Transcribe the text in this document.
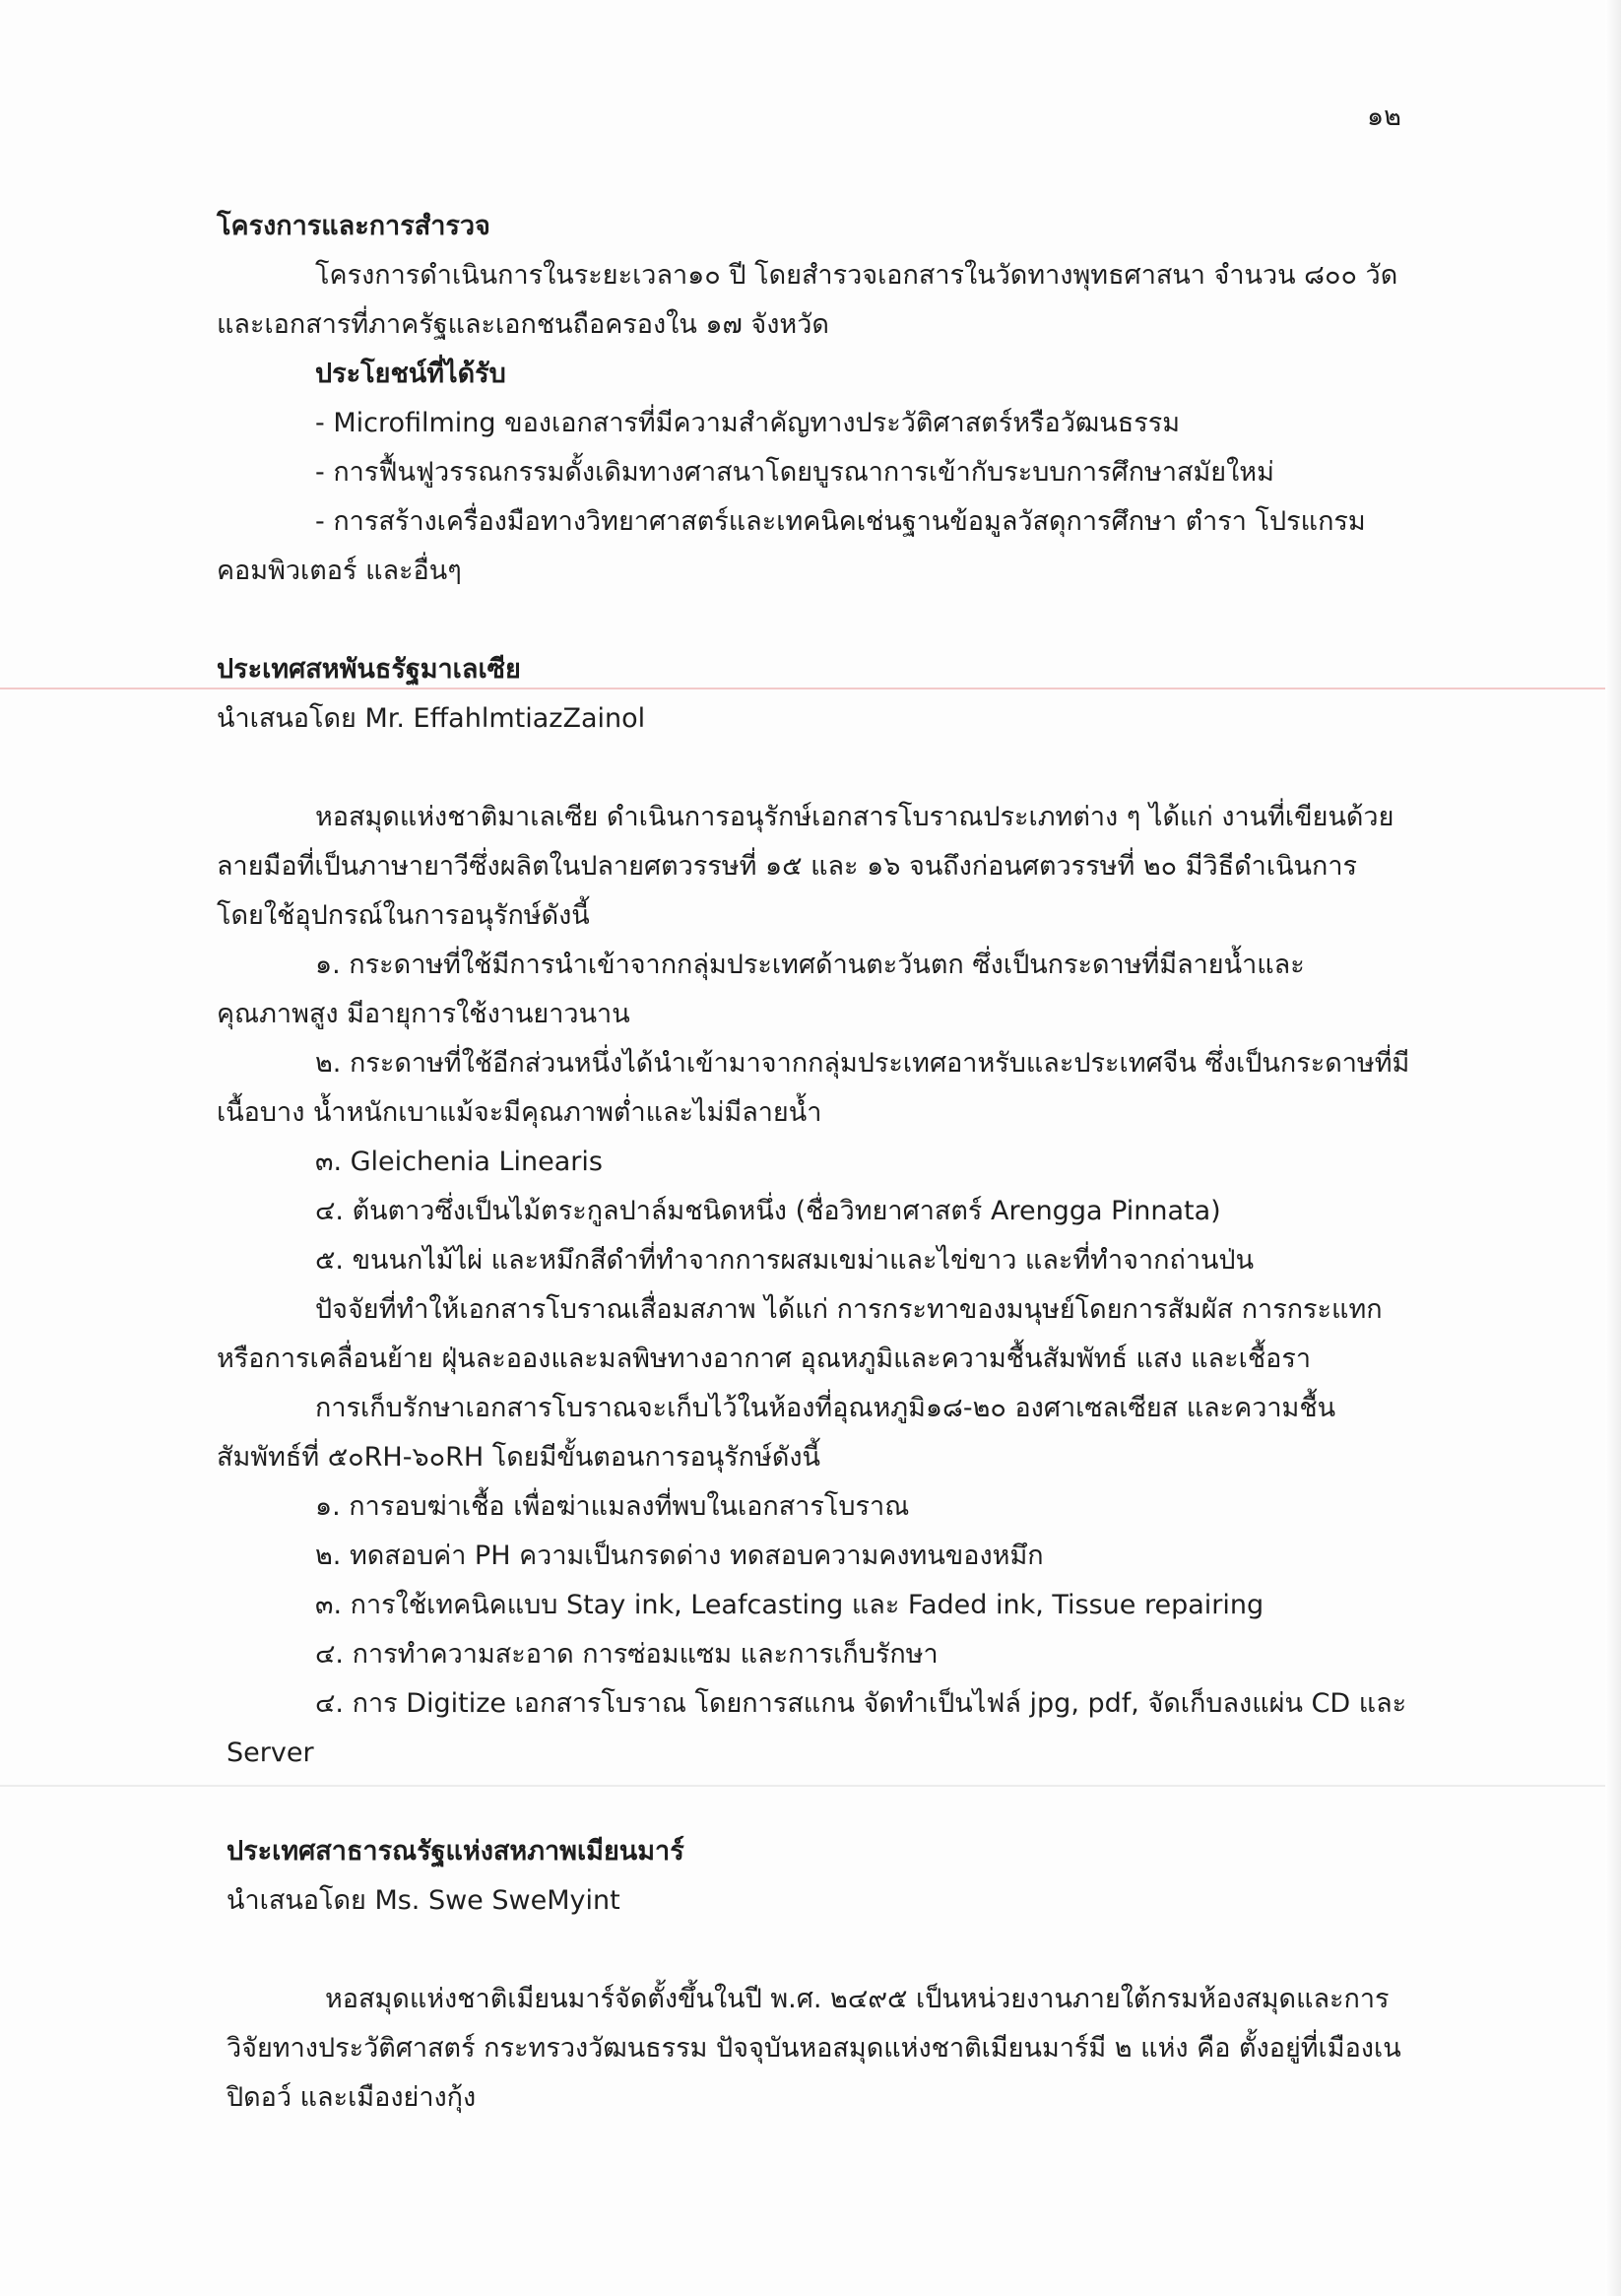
๑๒
โครงการและการสำรวจ
โครงการดำเนินการในระยะเวลา๑๐ ปี โดยสำรวจเอกสารในวัดทางพุทธศาสนา จำนวน ๘๐๐ วัด
และเอกสารที่ภาครัฐและเอกชนถือครองใน ๑๗ จังหวัด
ประโยชน์ที่ได้รับ
- Microfilming ของเอกสารที่มีความสำคัญทางประวัติศาสตร์หรือวัฒนธรรม
- การฟื้นฟูวรรณกรรมดั้งเดิมทางศาสนาโดยบูรณาการเข้ากับระบบการศึกษาสมัยใหม่
- การสร้างเครื่องมือทางวิทยาศาสตร์และเทคนิคเช่นฐานข้อมูลวัสดุการศึกษา ตำรา โปรแกรม
คอมพิวเตอร์ และอื่นๆ
ประเทศสหพันธรัฐมาเลเซีย
นำเสนอโดย Mr. EffahlmtiazZainol
หอสมุดแห่งชาติมาเลเซีย ดำเนินการอนุรักษ์เอกสารโบราณประเภทต่าง ๆ ได้แก่ งานที่เขียนด้วย
ลายมือที่เป็นภาษายาวีซึ่งผลิตในปลายศตวรรษที่ ๑๕ และ ๑๖ จนถึงก่อนศตวรรษที่ ๒๐ มีวิธีดำเนินการ
โดยใช้อุปกรณ์ในการอนุรักษ์ดังนี้
๑. กระดาษที่ใช้มีการนำเข้าจากกลุ่มประเทศด้านตะวันตก ซึ่งเป็นกระดาษที่มีลายน้ำและ
คุณภาพสูง มีอายุการใช้งานยาวนาน
๒. กระดาษที่ใช้อีกส่วนหนึ่งได้นำเข้ามาจากกลุ่มประเทศอาหรับและประเทศจีน ซึ่งเป็นกระดาษที่มี
เนื้อบาง น้ำหนักเบาแม้จะมีคุณภาพต่ำและไม่มีลายน้ำ
๓. Gleichenia Linearis
๔. ต้นตาวซึ่งเป็นไม้ตระกูลปาล์มชนิดหนึ่ง (ชื่อวิทยาศาสตร์ Arengga Pinnata)
๕. ขนนกไม้ไผ่ และหมึกสีดำที่ทำจากการผสมเขม่าและไข่ขาว และที่ทำจากถ่านป่น
ปัจจัยที่ทำให้เอกสารโบราณเสื่อมสภาพ ได้แก่ การกระทาของมนุษย์โดยการสัมผัส การกระแทก
หรือการเคลื่อนย้าย ฝุ่นละอองและมลพิษทางอากาศ อุณหภูมิและความชื้นสัมพัทธ์ แสง และเชื้อรา
การเก็บรักษาเอกสารโบราณจะเก็บไว้ในห้องที่อุณหภูมิ๑๘-๒๐ องศาเซลเซียส และความชื้น
สัมพัทธ์ที่ ๕๐RH-๖๐RH โดยมีขั้นตอนการอนุรักษ์ดังนี้
๑. การอบฆ่าเชื้อ เพื่อฆ่าแมลงที่พบในเอกสารโบราณ
๒. ทดสอบค่า PH ความเป็นกรดด่าง ทดสอบความคงทนของหมึก
๓. การใช้เทคนิคแบบ Stay ink, Leafcasting และ Faded ink, Tissue repairing
๔. การทำความสะอาด การซ่อมแซม และการเก็บรักษา
๔. การ Digitize เอกสารโบราณ โดยการสแกน จัดทำเป็นไฟล์ jpg, pdf, จัดเก็บลงแผ่น CD และ
Server
ประเทศสาธารณรัฐแห่งสหภาพเมียนมาร์
นำเสนอโดย Ms. Swe SweMyint
หอสมุดแห่งชาติเมียนมาร์จัดตั้งขึ้นในปี พ.ศ. ๒๔๙๕ เป็นหน่วยงานภายใต้กรมห้องสมุดและการ
วิจัยทางประวัติศาสตร์ กระทรวงวัฒนธรรม ปัจจุบันหอสมุดแห่งชาติเมียนมาร์มี ๒ แห่ง คือ ตั้งอยู่ที่เมืองเน
ปิดอว์ และเมืองย่างกุ้ง
